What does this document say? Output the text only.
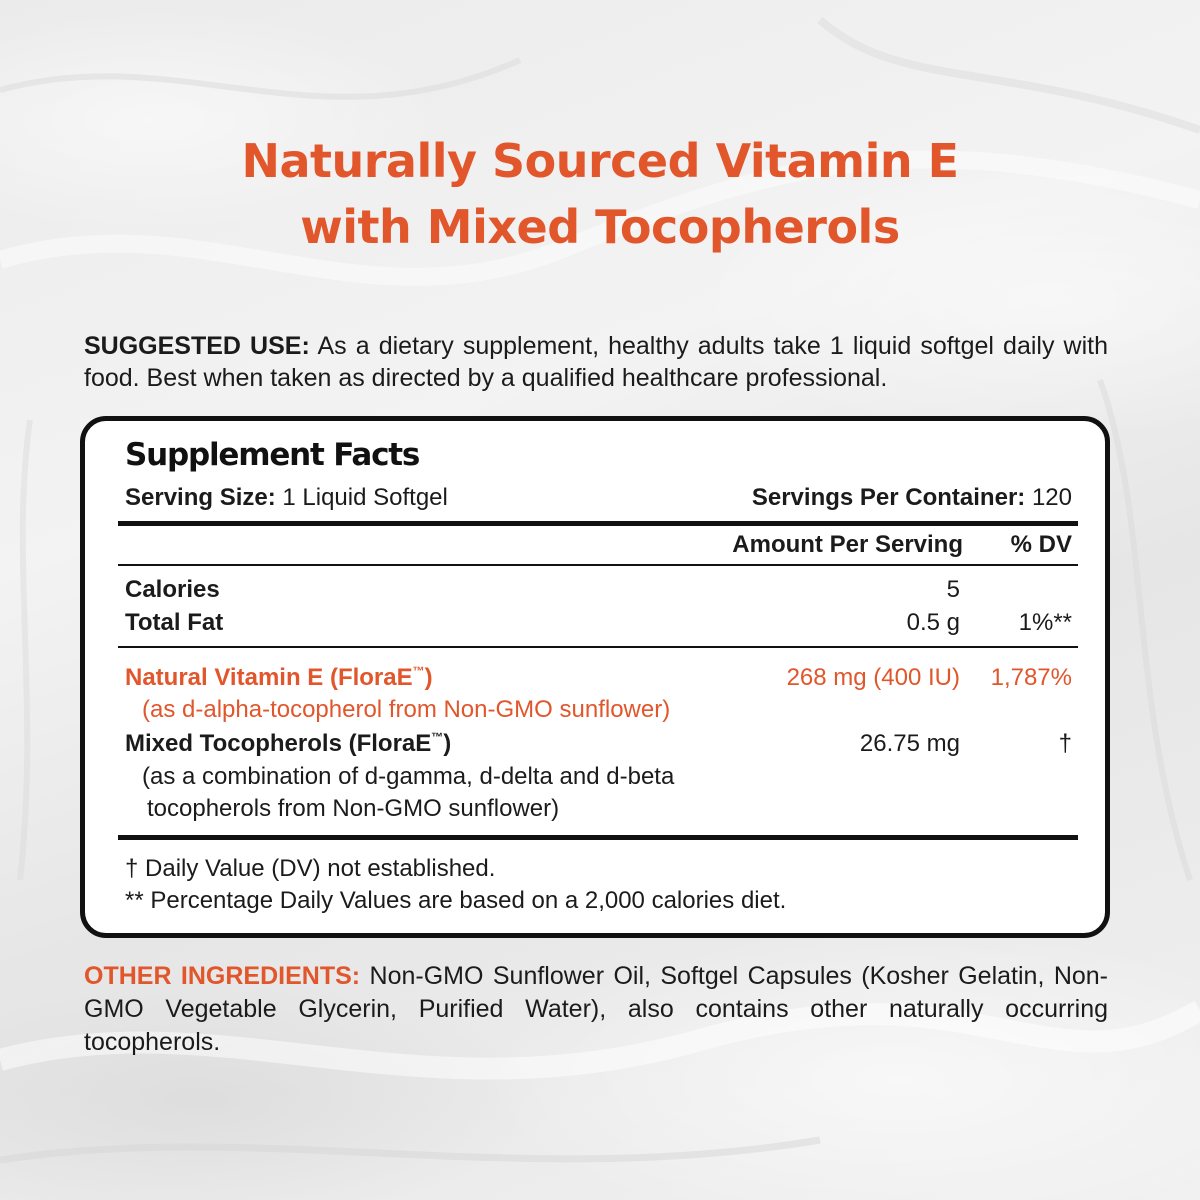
Naturally Sourced Vitamin E
with Mixed Tocopherols
SUGGESTED USE: As a dietary supplement, healthy adults take 1 liquid softgel daily with food. Best when taken as directed by a qualified healthcare professional.
Supplement Facts
Serving Size: 1 Liquid Softgel	Servings Per Container: 120
Amount Per Serving % DV
Calories	5
Total Fat	0.5 g 1%**
Natural Vitamin E (FloraE™)	268 mg (400 IU) 1,787%
(as d-alpha-tocopherol from Non-GMO sunflower)
Mixed Tocopherols (FloraE™)	26.75 mg	†
(as a combination of d-gamma, d-delta and d-beta
tocopherols from Non-GMO sunflower)
† Daily Value (DV) not established.
** Percentage Daily Values are based on a 2,000 calories diet.
OTHER INGREDIENTS: Non-GMO Sunflower Oil, Softgel Capsules (Kosher Gelatin, Non-GMO Vegetable Glycerin, Purified Water), also contains other naturally occurring tocopherols.
